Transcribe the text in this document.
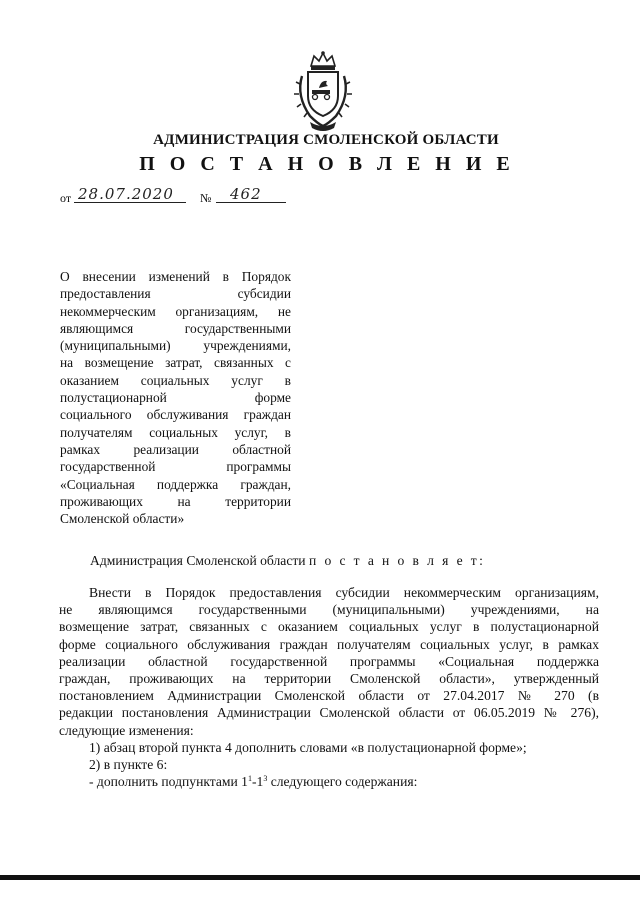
АДМИНИСТРАЦИЯ СМОЛЕНСКОЙ ОБЛАСТИ
П О С Т А Н О В Л Е Н И Е
от 28.07.2020 № 462
О внесении изменений в Порядок
предоставления субсидии
некоммерческим организациям, не
являющимся государственными
(муниципальными) учреждениями,
на возмещение затрат, связанных с
оказанием социальных услуг в
полустационарной форме
социального обслуживания граждан
получателям социальных услуг, в
рамках реализации областной
государственной программы
«Социальная поддержка граждан,
проживающих на территории
Смоленской области»
Администрация Смоленской области п о с т а н о в л я е т:
Внести в Порядок предоставления субсидии некоммерческим организациям,
не являющимся государственными (муниципальными) учреждениями, на
возмещение затрат, связанных с оказанием социальных услуг в полустационарной
форме социального обслуживания граждан получателям социальных услуг, в рамках
реализации областной государственной программы «Социальная поддержка
граждан, проживающих на территории Смоленской области», утвержденный
постановлением Администрации Смоленской области от 27.04.2017 № 270 (в
редакции постановления Администрации Смоленской области от 06.05.2019 № 276),
следующие изменения:
1) абзац второй пункта 4 дополнить словами «в полустационарной форме»;
2) в пункте 6:
- дополнить подпунктами $1^1-1^3$ следующего содержания:
